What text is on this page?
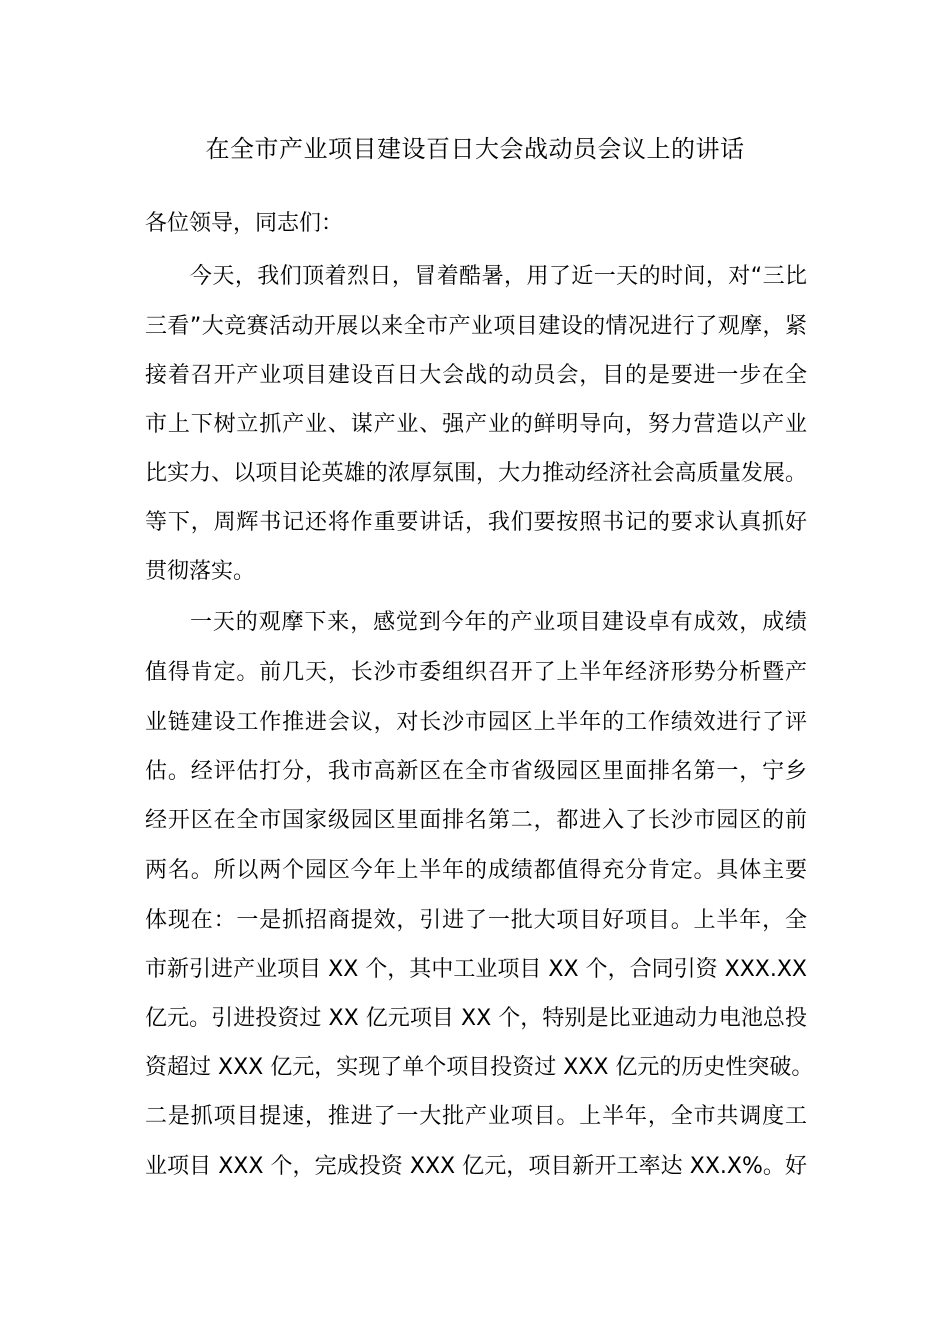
在全市产业项目建设百日大会战动员会议上的讲话
各位领导，同志们：
今天，我们顶着烈日，冒着酷暑，用了近一天的时间，对“三比
三看”大竞赛活动开展以来全市产业项目建设的情况进行了观摩，紧
接着召开产业项目建设百日大会战的动员会，目的是要进一步在全
市上下树立抓产业、谋产业、强产业的鲜明导向，努力营造以产业
比实力、以项目论英雄的浓厚氛围，大力推动经济社会高质量发展。
等下，周辉书记还将作重要讲话，我们要按照书记的要求认真抓好
贯彻落实。
一天的观摩下来，感觉到今年的产业项目建设卓有成效，成绩
值得肯定。前几天，长沙市委组织召开了上半年经济形势分析暨产
业链建设工作推进会议，对长沙市园区上半年的工作绩效进行了评
估。经评估打分，我市高新区在全市省级园区里面排名第一，宁乡
经开区在全市国家级园区里面排名第二，都进入了长沙市园区的前
两名。所以两个园区今年上半年的成绩都值得充分肯定。具体主要
体现在：一是抓招商提效，引进了一批大项目好项目。上半年，全
市新引进产业项目 XX 个，其中工业项目 XX 个，合同引资 XXX.XX
亿元。引进投资过 XX 亿元项目 XX 个，特别是比亚迪动力电池总投
资超过 XXX 亿元，实现了单个项目投资过 XXX 亿元的历史性突破。
二是抓项目提速，推进了一大批产业项目。上半年，全市共调度工
业项目 XXX 个，完成投资 XXX 亿元，项目新开工率达 XX.X%。好
